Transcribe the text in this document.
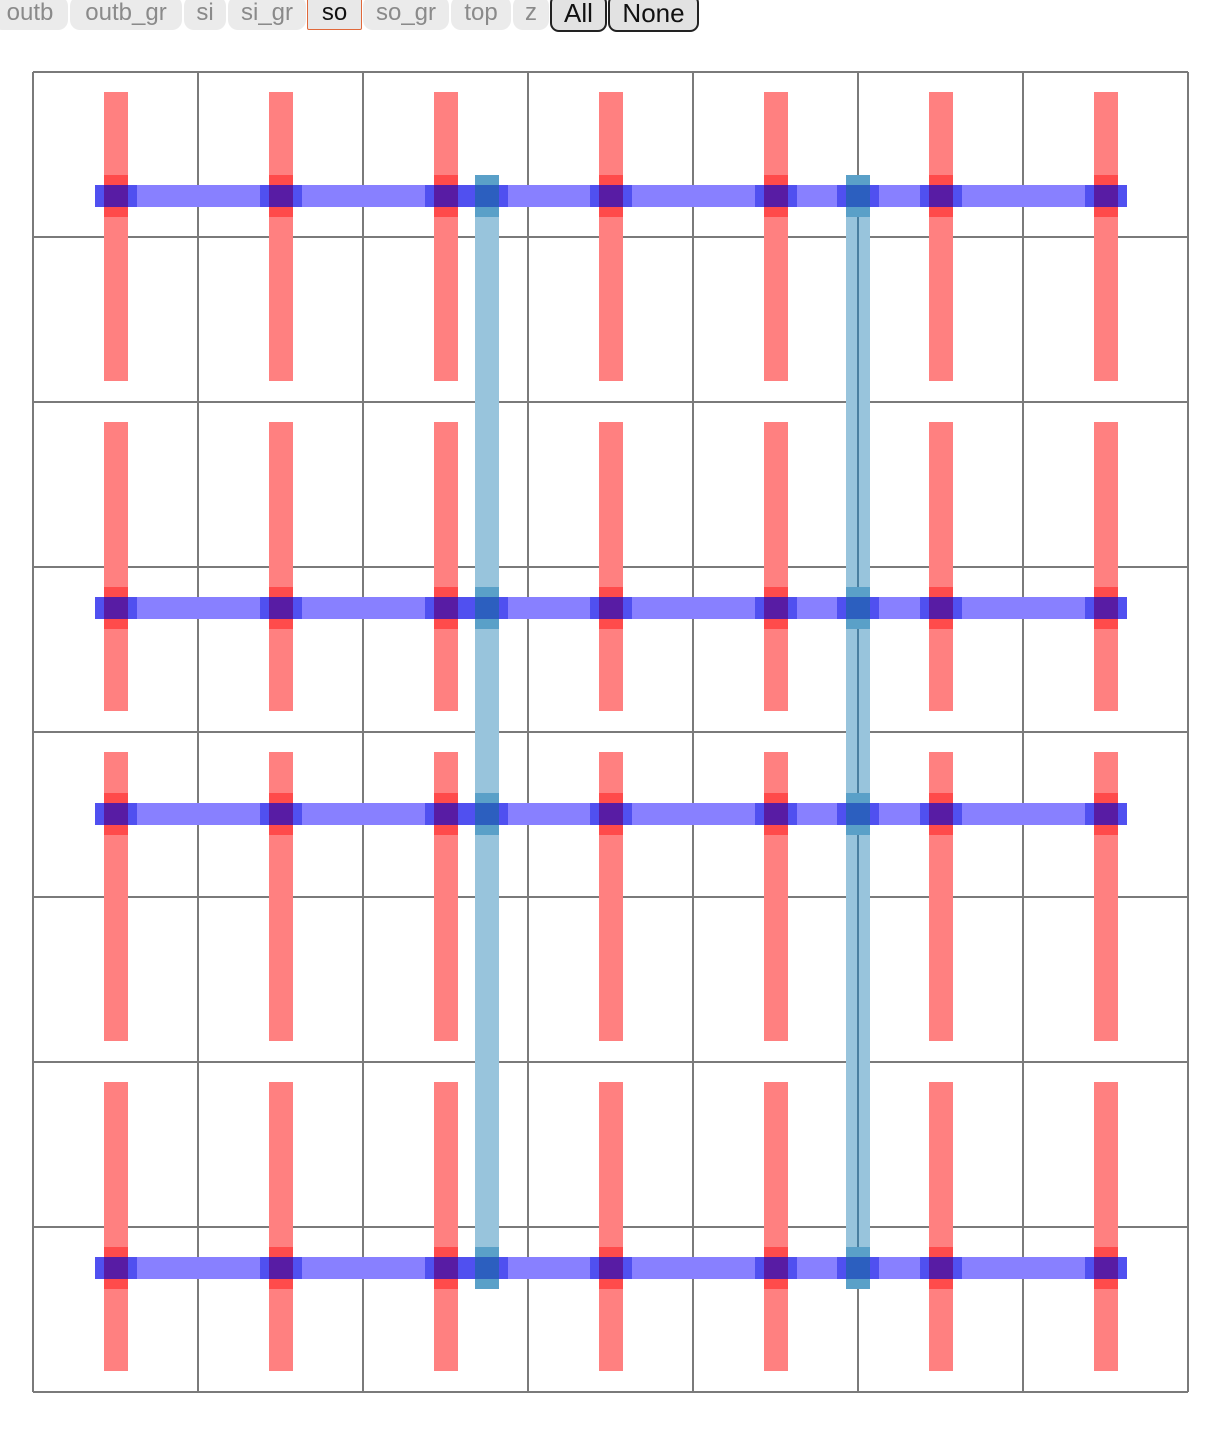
outb	outb_gr	si	si_gr	so	so_gr	top	z	All	None
